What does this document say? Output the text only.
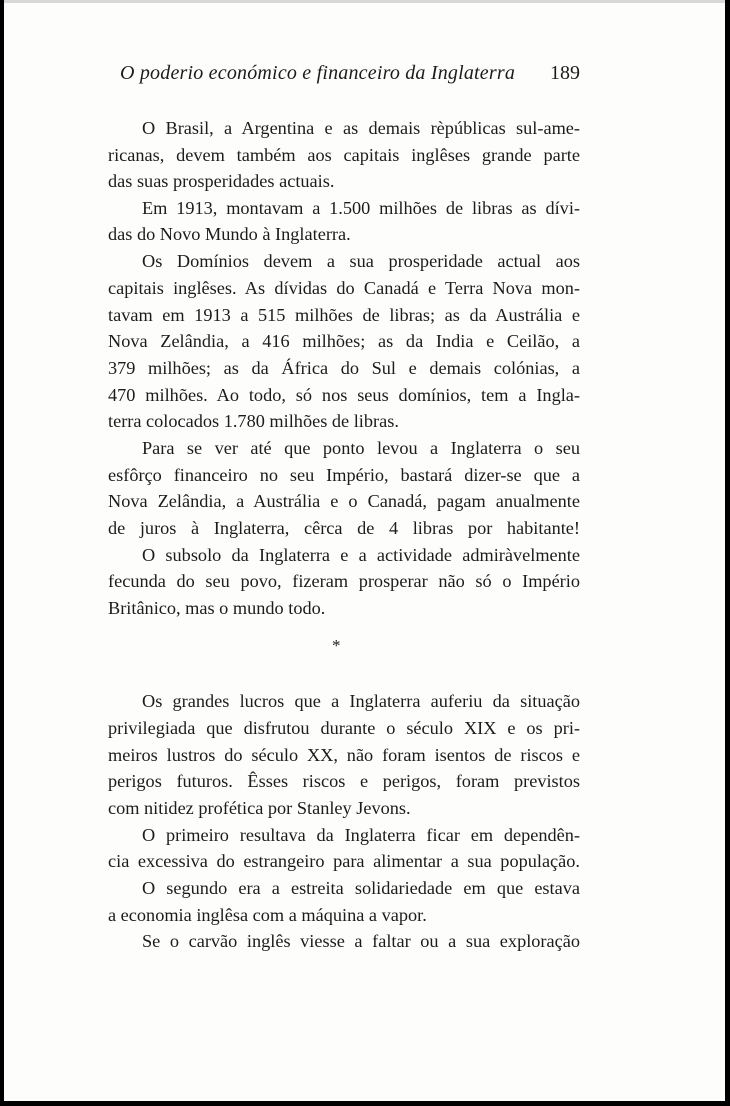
O poderio económico e financeiro da Inglaterra 189
O Brasil, a Argentina e as demais rèpúblicas sul-ame-
ricanas, devem também aos capitais inglêses grande parte
das suas prosperidades actuais.
Em 1913, montavam a 1.500 milhões de libras as dívi-
das do Novo Mundo à Inglaterra.
Os Domínios devem a sua prosperidade actual aos
capitais inglêses. As dívidas do Canadá e Terra Nova mon-
tavam em 1913 a 515 milhões de libras; as da Austrália e
Nova Zelândia, a 416 milhões; as da India e Ceilão, a
379 milhões; as da África do Sul e demais colónias, a
470 milhões. Ao todo, só nos seus domínios, tem a Ingla-
terra colocados 1.780 milhões de libras.
Para se ver até que ponto levou a Inglaterra o seu
esfôrço financeiro no seu Império, bastará dizer-se que a
Nova Zelândia, a Austrália e o Canadá, pagam anualmente
de juros à Inglaterra, cêrca de 4 libras por habitante!
O subsolo da Inglaterra e a actividade admiràvelmente
fecunda do seu povo, fizeram prosperar não só o Império
Britânico, mas o mundo todo.
Os grandes lucros que a Inglaterra auferiu da situação
privilegiada que disfrutou durante o século XIX e os pri-
meiros lustros do século XX, não foram isentos de riscos e
perigos futuros. Êsses riscos e perigos, foram previstos
com nitidez profética por Stanley Jevons.
O primeiro resultava da Inglaterra ficar em dependên-
cia excessiva do estrangeiro para alimentar a sua população.
O segundo era a estreita solidariedade em que estava
a economia inglêsa com a máquina a vapor.
Se o carvão inglês viesse a faltar ou a sua exploração
*
